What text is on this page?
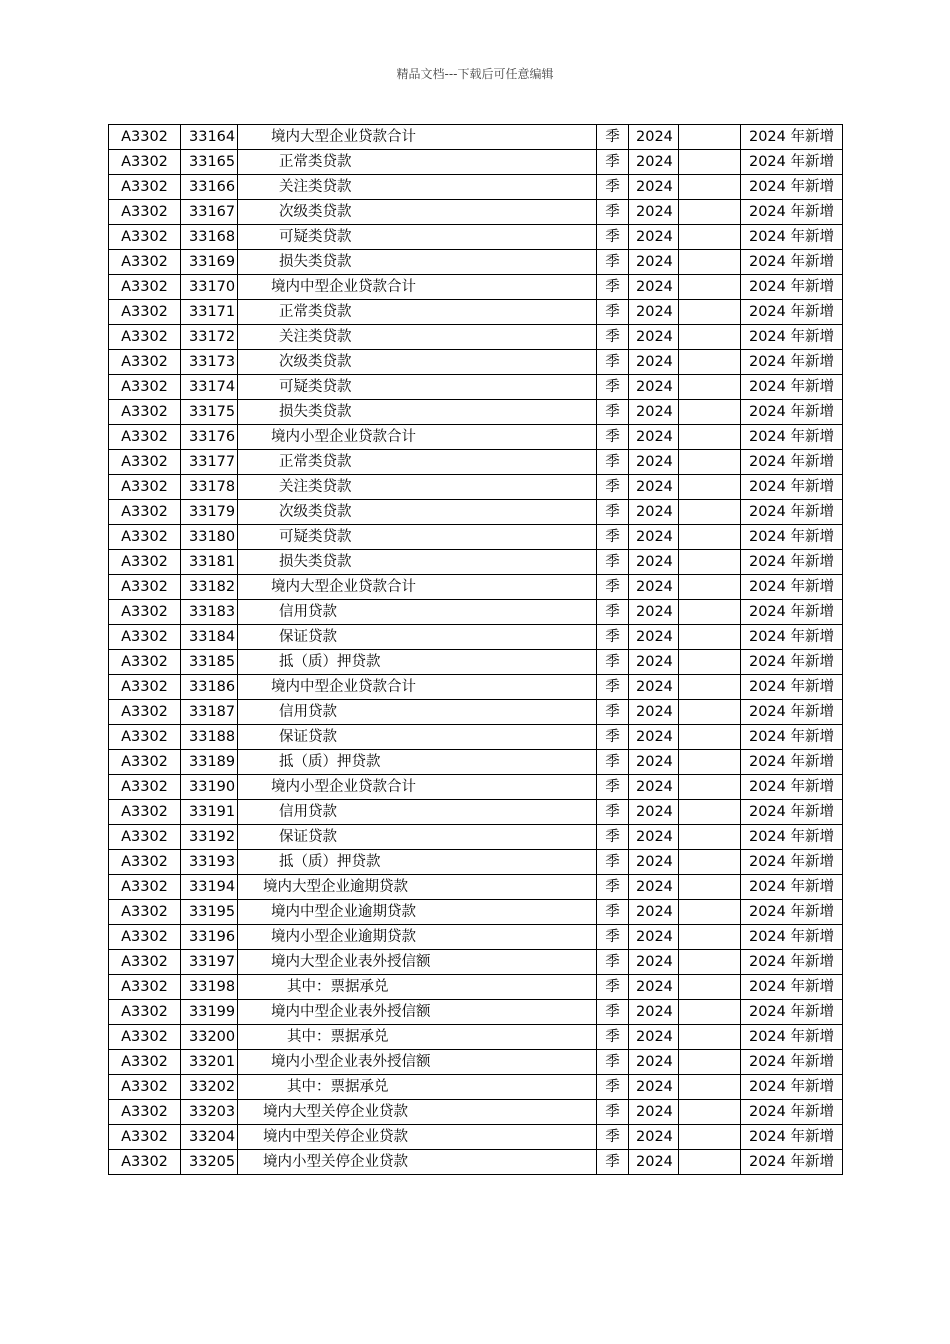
精品文档---下载后可任意编辑
A3302	33164	境内大型企业贷款合计	季	2024		2024 年新增
A3302	33165	正常类贷款	季	2024		2024 年新增
A3302	33166	关注类贷款	季	2024		2024 年新增
A3302	33167	次级类贷款	季	2024		2024 年新增
A3302	33168	可疑类贷款	季	2024		2024 年新增
A3302	33169	损失类贷款	季	2024		2024 年新增
A3302	33170	境内中型企业贷款合计	季	2024		2024 年新增
A3302	33171	正常类贷款	季	2024		2024 年新增
A3302	33172	关注类贷款	季	2024		2024 年新增
A3302	33173	次级类贷款	季	2024		2024 年新增
A3302	33174	可疑类贷款	季	2024		2024 年新增
A3302	33175	损失类贷款	季	2024		2024 年新增
A3302	33176	境内小型企业贷款合计	季	2024		2024 年新增
A3302	33177	正常类贷款	季	2024		2024 年新增
A3302	33178	关注类贷款	季	2024		2024 年新增
A3302	33179	次级类贷款	季	2024		2024 年新增
A3302	33180	可疑类贷款	季	2024		2024 年新增
A3302	33181	损失类贷款	季	2024		2024 年新增
A3302	33182	境内大型企业贷款合计	季	2024		2024 年新增
A3302	33183	信用贷款	季	2024		2024 年新增
A3302	33184	保证贷款	季	2024		2024 年新增
A3302	33185	抵（质）押贷款	季	2024		2024 年新增
A3302	33186	境内中型企业贷款合计	季	2024		2024 年新增
A3302	33187	信用贷款	季	2024		2024 年新增
A3302	33188	保证贷款	季	2024		2024 年新增
A3302	33189	抵（质）押贷款	季	2024		2024 年新增
A3302	33190	境内小型企业贷款合计	季	2024		2024 年新增
A3302	33191	信用贷款	季	2024		2024 年新增
A3302	33192	保证贷款	季	2024		2024 年新增
A3302	33193	抵（质）押贷款	季	2024		2024 年新增
A3302	33194	境内大型企业逾期贷款	季	2024		2024 年新增
A3302	33195	境内中型企业逾期贷款	季	2024		2024 年新增
A3302	33196	境内小型企业逾期贷款	季	2024		2024 年新增
A3302	33197	境内大型企业表外授信额	季	2024		2024 年新增
A3302	33198	其中：票据承兑	季	2024		2024 年新增
A3302	33199	境内中型企业表外授信额	季	2024		2024 年新增
A3302	33200	其中：票据承兑	季	2024		2024 年新增
A3302	33201	境内小型企业表外授信额	季	2024		2024 年新增
A3302	33202	其中：票据承兑	季	2024		2024 年新增
A3302	33203	境内大型关停企业贷款	季	2024		2024 年新增
A3302	33204	境内中型关停企业贷款	季	2024		2024 年新增
A3302	33205	境内小型关停企业贷款	季	2024		2024 年新增
